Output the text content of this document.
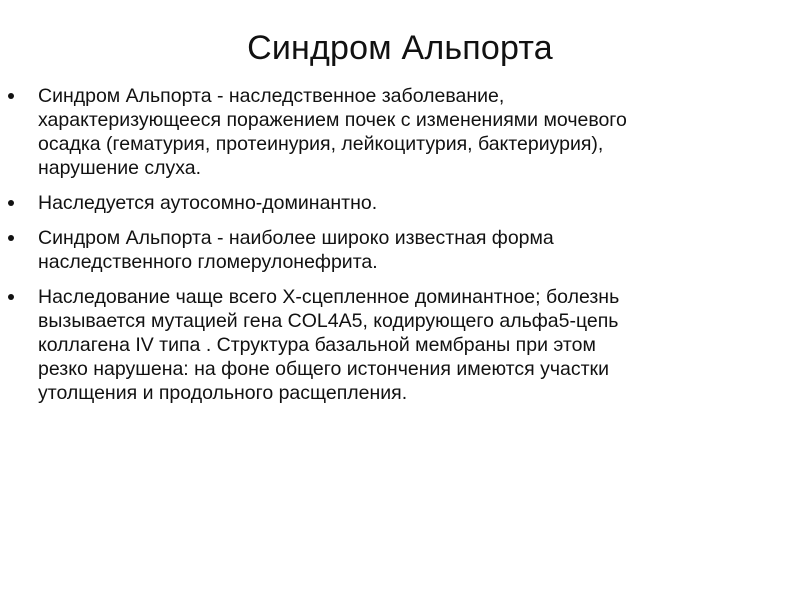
Синдром Альпорта
Синдром Альпорта - наследственное заболевание,
характеризующееся поражением почек с изменениями мочевого
осадка (гематурия, протеинурия, лейкоцитурия, бактериурия),
нарушение слуха.
Наследуется аутосомно-доминантно.
Синдром Альпорта - наиболее широко известная форма
наследственного гломерулонефрита.
Наследование чаще всего X-сцепленное доминантное; болезнь
вызывается мутацией гена COL4A5, кодирующего альфа5-цепь
коллагена IV типа . Структура базальной мембраны при этом
резко нарушена: на фоне общего истончения имеются участки
утолщения и продольного расщепления.
